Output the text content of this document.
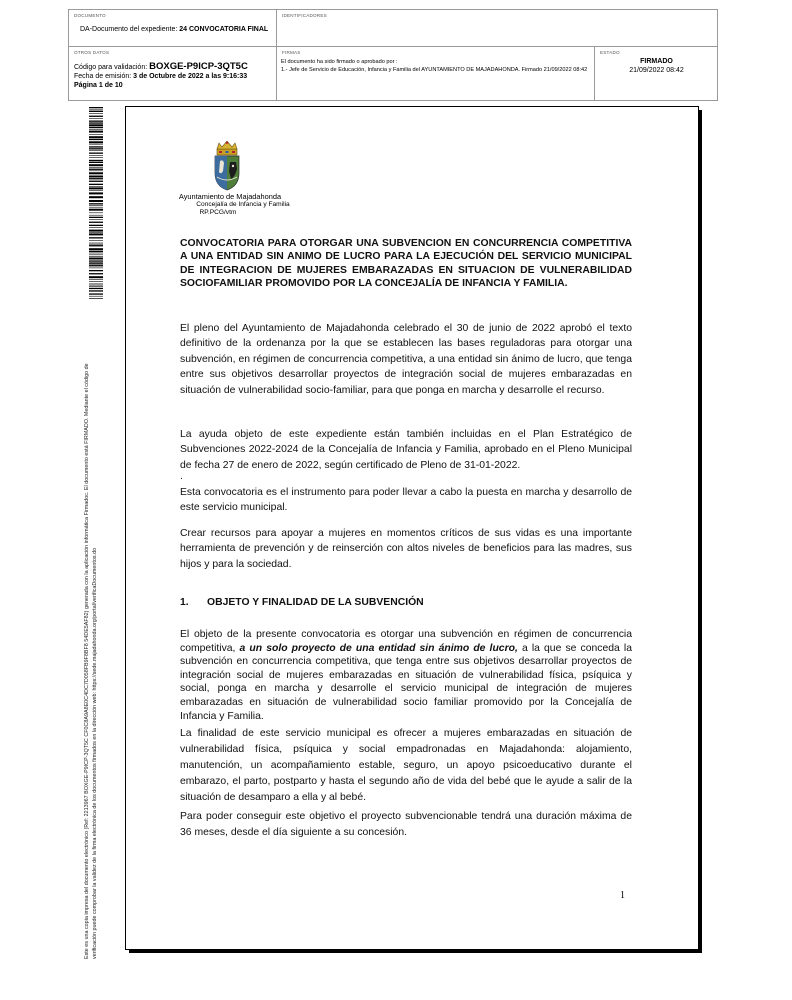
DOCUMENTO
DA-Documento del expediente: 24 CONVOCATORIA FINAL
IDENTIFICADORES
OTROS DATOS
Código para validación: BOXGE-P9ICP-3QT5C
Fecha de emisión: 3 de Octubre de 2022 a las 9:16:33
Página 1 de 10
FIRMAS
El documento ha sido firmado o aprobado por :
1.- Jefe de Servicio de Educación, Infancia y Familia del AYUNTAMIENTO DE MAJADAHONDA. Firmado 21/09/2022 08:42
ESTADO
FIRMADO
21/09/2022 08:42
Este es una copia impresa del documento electrónico (Ref: 2213967 BOXGE-P9ICP-3QT5C CF0C8A9A8E0C4DC7D058FB9F8BF8 54DE5AF82) generada con la aplicación informática Firmadoc. El documento está FIRMADO. Mediante el código de verificación puede comprobar la validez de la firma electrónica de los documentos firmados en la dirección web: https://sede.majadahonda.org/portal/verificaDocumentos.do
Ayuntamiento de Majadahonda
Concejalía de Infancia y Familia
RP.PCG/vtm
CONVOCATORIA PARA OTORGAR UNA SUBVENCION EN CONCURRENCIA COMPETITIVA A UNA ENTIDAD SIN ANIMO DE LUCRO PARA LA EJECUCIÓN DEL SERVICIO MUNICIPAL DE INTEGRACION DE MUJERES EMBARAZADAS EN SITUACION DE VULNERABILIDAD SOCIOFAMILIAR PROMOVIDO POR LA CONCEJALÍA DE INFANCIA Y FAMILIA.

El pleno del Ayuntamiento de Majadahonda celebrado el 30 de junio de 2022 aprobó el texto definitivo de la ordenanza por la que se establecen las bases reguladoras para otorgar una subvención, en régimen de concurrencia competitiva, a una entidad sin ánimo de lucro, que tenga entre sus objetivos desarrollar proyectos de integración social de mujeres embarazadas en situación de vulnerabilidad socio-familiar, para que ponga en marcha y desarrolle el recurso.

La ayuda objeto de este expediente están también incluidas en el Plan Estratégico de Subvenciones 2022-2024 de la Concejalía de Infancia y Familia, aprobado en el Pleno Municipal de fecha 27 de enero de 2022, según certificado de Pleno de 31-01-2022.

.

Esta convocatoria es el instrumento para poder llevar a cabo la puesta en marcha y desarrollo de este servicio municipal.

Crear recursos para apoyar a mujeres en momentos críticos de sus vidas es una importante herramienta de prevención y de reinserción con altos niveles de beneficios para las madres, sus hijos y para la sociedad.

1. OBJETO Y FINALIDAD DE LA SUBVENCIÓN

El objeto de la presente convocatoria es otorgar una subvención en régimen de concurrencia competitiva, a un solo proyecto de una entidad sin ánimo de lucro, a la que se conceda la subvención en concurrencia competitiva, que tenga entre sus objetivos desarrollar proyectos de integración social de mujeres embarazadas en situación de vulnerabilidad física, psíquica y social, ponga en marcha y desarrolle el servicio municipal de integración de mujeres embarazadas en situación de vulnerabilidad socio familiar promovido por la Concejalía de Infancia y Familia.

La finalidad de este servicio municipal es ofrecer a mujeres embarazadas en situación de vulnerabilidad física, psíquica y social empadronadas en Majadahonda: alojamiento, manutención, un acompañamiento estable, seguro, un apoyo psicoeducativo durante el embarazo, el parto, postparto y hasta el segundo año de vida del bebé que le ayude a salir de la situación de desamparo a ella y al bebé.

Para poder conseguir este objetivo el proyecto subvencionable tendrá una duración máxima de 36 meses, desde el día siguiente a su concesión.

1
